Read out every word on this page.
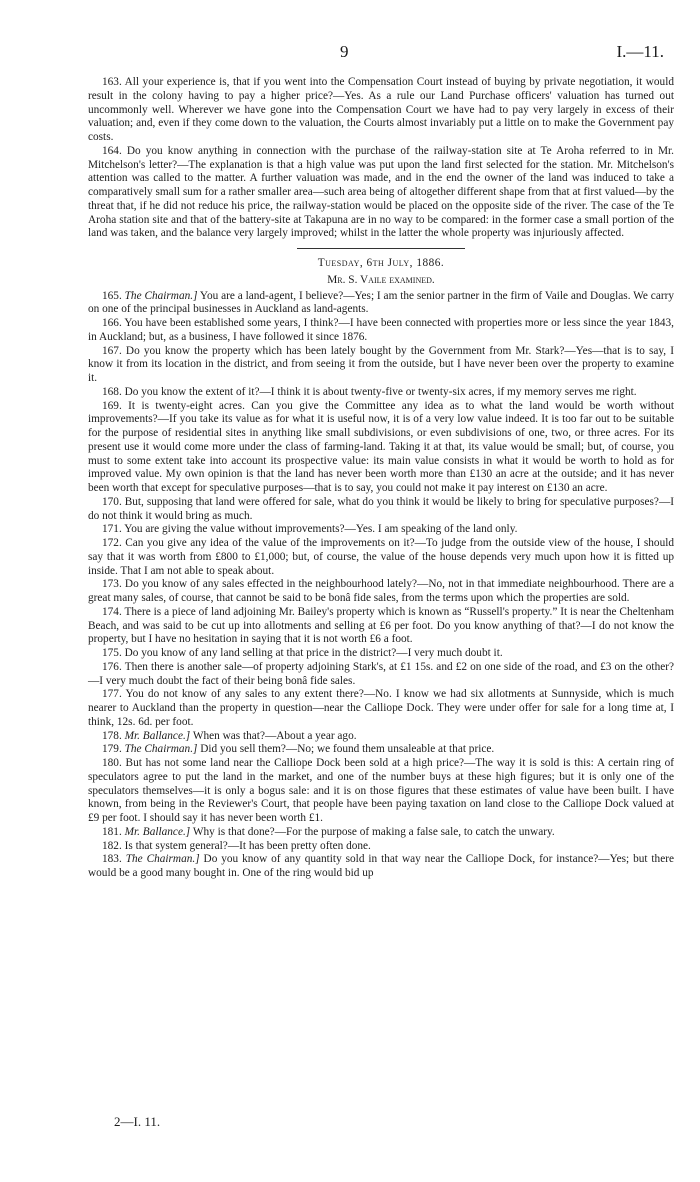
9	I.—11.

163. All your experience is, that if you went into the Compensation Court instead of buying by private negotiation, it would result in the colony having to pay a higher price?—Yes. As a rule our Land Purchase officers' valuation has turned out uncommonly well. Wherever we have gone into the Compensation Court we have had to pay very largely in excess of their valuation; and, even if they come down to the valuation, the Courts almost invariably put a little on to make the Government pay costs.

164. Do you know anything in connection with the purchase of the railway-station site at Te Aroha referred to in Mr. Mitchelson's letter?—The explanation is that a high value was put upon the land first selected for the station. Mr. Mitchelson's attention was called to the matter. A further valuation was made, and in the end the owner of the land was induced to take a comparatively small sum for a rather smaller area—such area being of altogether different shape from that at first valued—by the threat that, if he did not reduce his price, the railway-station would be placed on the opposite side of the river. The case of the Te Aroha station site and that of the battery-site at Takapuna are in no way to be compared: in the former case a small portion of the land was taken, and the balance very largely improved; whilst in the latter the whole property was injuriously affected.

Tuesday, 6th July, 1886.
Mr. S. Vaile examined.

165. The Chairman.] You are a land-agent, I believe?—Yes; I am the senior partner in the firm of Vaile and Douglas. We carry on one of the principal businesses in Auckland as land-agents.

166. You have been established some years, I think?—I have been connected with properties more or less since the year 1843, in Auckland; but, as a business, I have followed it since 1876.

167. Do you know the property which has been lately bought by the Government from Mr. Stark?—Yes—that is to say, I know it from its location in the district, and from seeing it from the outside, but I have never been over the property to examine it.

168. Do you know the extent of it?—I think it is about twenty-five or twenty-six acres, if my memory serves me right.

169. It is twenty-eight acres. Can you give the Committee any idea as to what the land would be worth without improvements?—If you take its value as for what it is useful now, it is of a very low value indeed. It is too far out to be suitable for the purpose of residential sites in anything like small subdivisions, or even subdivisions of one, two, or three acres. For its present use it would come more under the class of farming-land. Taking it at that, its value would be small; but, of course, you must to some extent take into account its prospective value: its main value consists in what it would be worth to hold as for improved value. My own opinion is that the land has never been worth more than £130 an acre at the outside; and it has never been worth that except for speculative purposes—that is to say, you could not make it pay interest on £130 an acre.

170. But, supposing that land were offered for sale, what do you think it would be likely to bring for speculative purposes?—I do not think it would bring as much.

171. You are giving the value without improvements?—Yes. I am speaking of the land only.

172. Can you give any idea of the value of the improvements on it?—To judge from the outside view of the house, I should say that it was worth from £800 to £1,000; but, of course, the value of the house depends very much upon how it is fitted up inside. That I am not able to speak about.

173. Do you know of any sales effected in the neighbourhood lately?—No, not in that immediate neighbourhood. There are a great many sales, of course, that cannot be said to be bonâ fide sales, from the terms upon which the properties are sold.

174. There is a piece of land adjoining Mr. Bailey's property which is known as “Russell's property.” It is near the Cheltenham Beach, and was said to be cut up into allotments and selling at £6 per foot. Do you know anything of that?—I do not know the property, but I have no hesitation in saying that it is not worth £6 a foot.

175. Do you know of any land selling at that price in the district?—I very much doubt it.

176. Then there is another sale—of property adjoining Stark's, at £1 15s. and £2 on one side of the road, and £3 on the other?—I very much doubt the fact of their being bonâ fide sales.

177. You do not know of any sales to any extent there?—No. I know we had six allotments at Sunnyside, which is much nearer to Auckland than the property in question—near the Calliope Dock. They were under offer for sale for a long time at, I think, 12s. 6d. per foot.

178. Mr. Ballance.] When was that?—About a year ago.

179. The Chairman.] Did you sell them?—No; we found them unsaleable at that price.

180. But has not some land near the Calliope Dock been sold at a high price?—The way it is sold is this: A certain ring of speculators agree to put the land in the market, and one of the number buys at these high figures; but it is only one of the speculators themselves—it is only a bogus sale: and it is on those figures that these estimates of value have been built. I have known, from being in the Reviewer's Court, that people have been paying taxation on land close to the Calliope Dock valued at £9 per foot. I should say it has never been worth £1.

181. Mr. Ballance.] Why is that done?—For the purpose of making a false sale, to catch the unwary.

182. Is that system general?—It has been pretty often done.

183. The Chairman.] Do you know of any quantity sold in that way near the Calliope Dock, for instance?—Yes; but there would be a good many bought in. One of the ring would bid up

2—I. 11.
